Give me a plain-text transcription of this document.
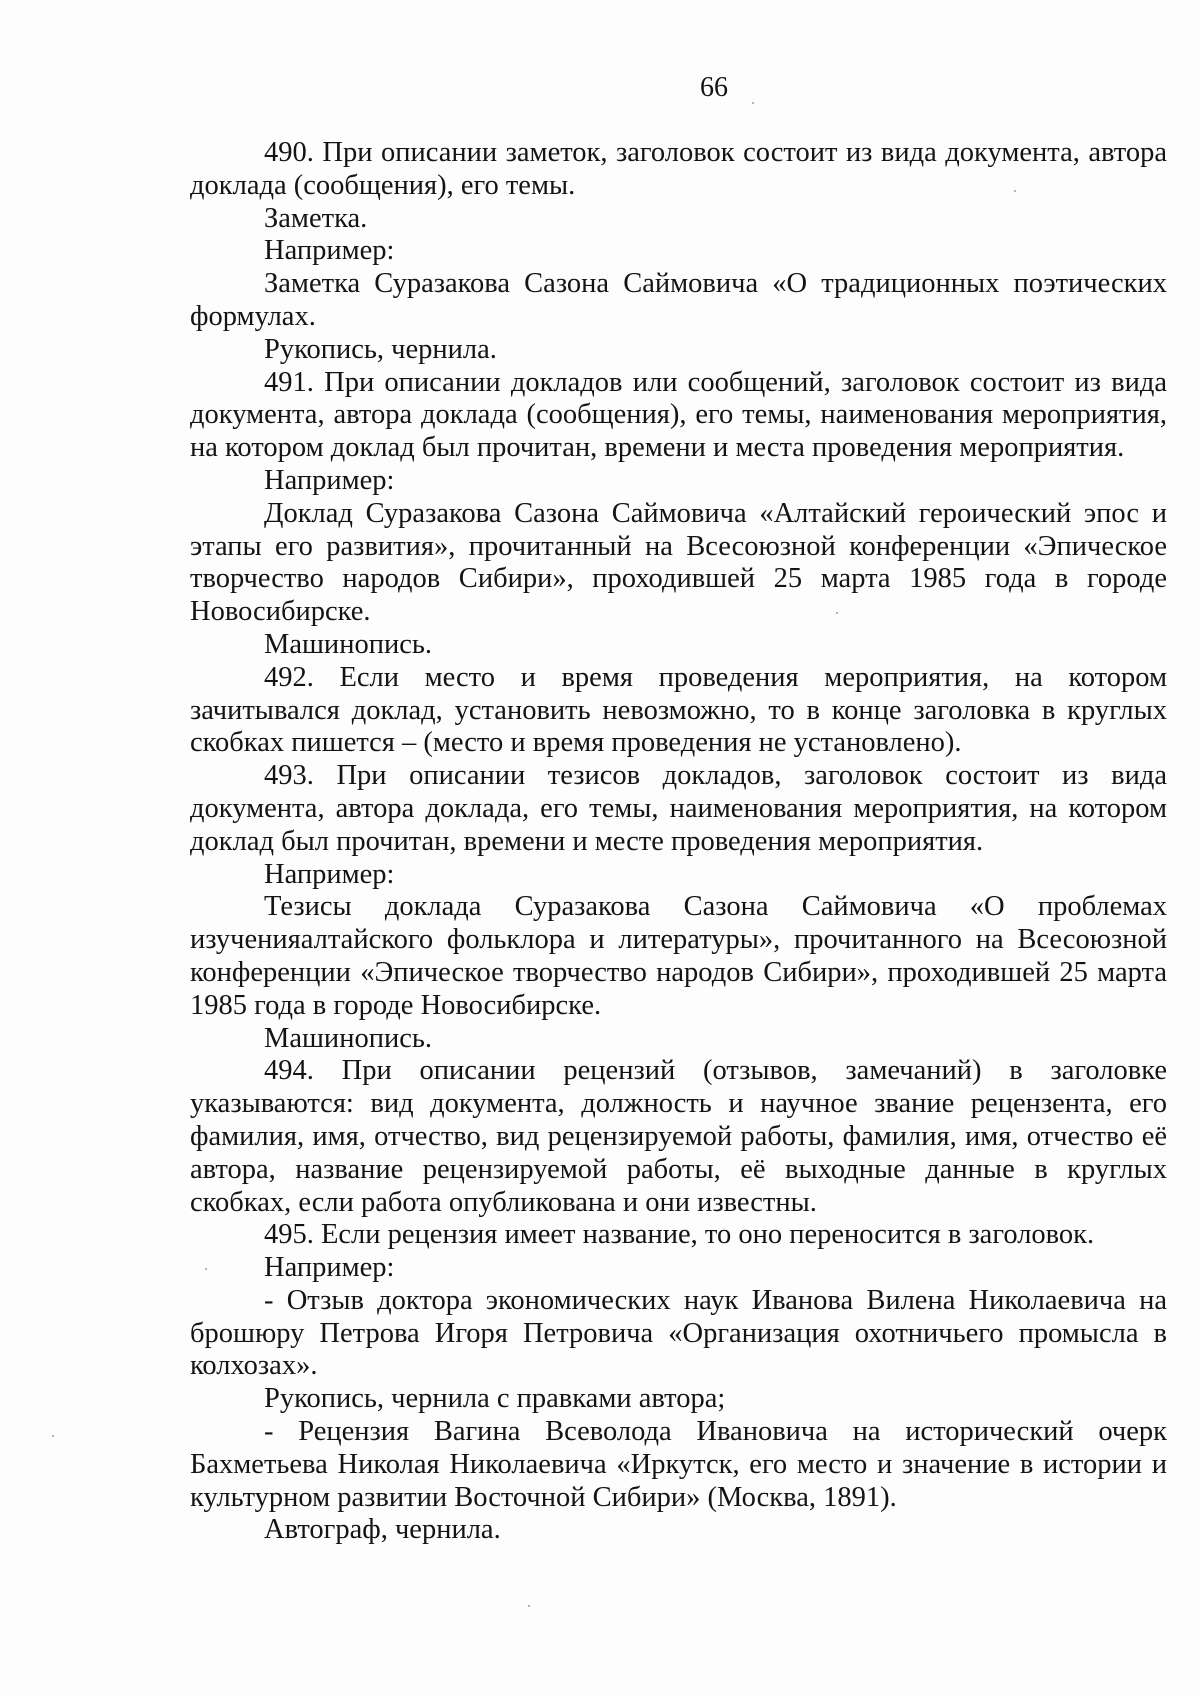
66

490. При описании заметок, заголовок состоит из вида документа, автора доклада (сообщения), его темы.

Заметка.

Например:

Заметка Суразакова Сазона Саймовича «О традиционных поэтических формулах.

Рукопись, чернила.

491. При описании докладов или сообщений, заголовок состоит из вида документа, автора доклада (сообщения), его темы, наименования мероприятия, на котором доклад был прочитан, времени и места проведения мероприятия.

Например:

Доклад Суразакова Сазона Саймовича «Алтайский героический эпос и этапы его развития», прочитанный на Всесоюзной конференции «Эпическое творчество народов Сибири», проходившей 25 марта 1985 года в городе Новосибирске.

Машинопись.

492. Если место и время проведения мероприятия, на котором зачитывался доклад, установить невозможно, то в конце заголовка в круглых скобках пишется – (место и время проведения не установлено).

493. При описании тезисов докладов, заголовок состоит из вида документа, автора доклада, его темы, наименования мероприятия, на котором доклад был прочитан, времени и месте проведения мероприятия.

Например:

Тезисы доклада Суразакова Сазона Саймовича «О проблемах изученияалтайского фольклора и литературы», прочитанного на Всесоюзной конференции «Эпическое творчество народов Сибири», проходившей 25 марта 1985 года в городе Новосибирске.

Машинопись.

494. При описании рецензий (отзывов, замечаний) в заголовке указываются: вид документа, должность и научное звание рецензента, его фамилия, имя, отчество, вид рецензируемой работы, фамилия, имя, отчество её автора, название рецензируемой работы, её выходные данные в круглых скобках, если работа опубликована и они известны.

495. Если рецензия имеет название, то оно переносится в заголовок.

Например:

- Отзыв доктора экономических наук Иванова Вилена Николаевича на брошюру Петрова Игоря Петровича «Организация охотничьего промысла в колхозах».

Рукопись, чернила с правками автора;

- Рецензия Вагина Всеволода Ивановича на исторический очерк Бахметьева Николая Николаевича «Иркутск, его место и значение в истории и культурном развитии Восточной Сибири» (Москва, 1891).

Автограф, чернила.
